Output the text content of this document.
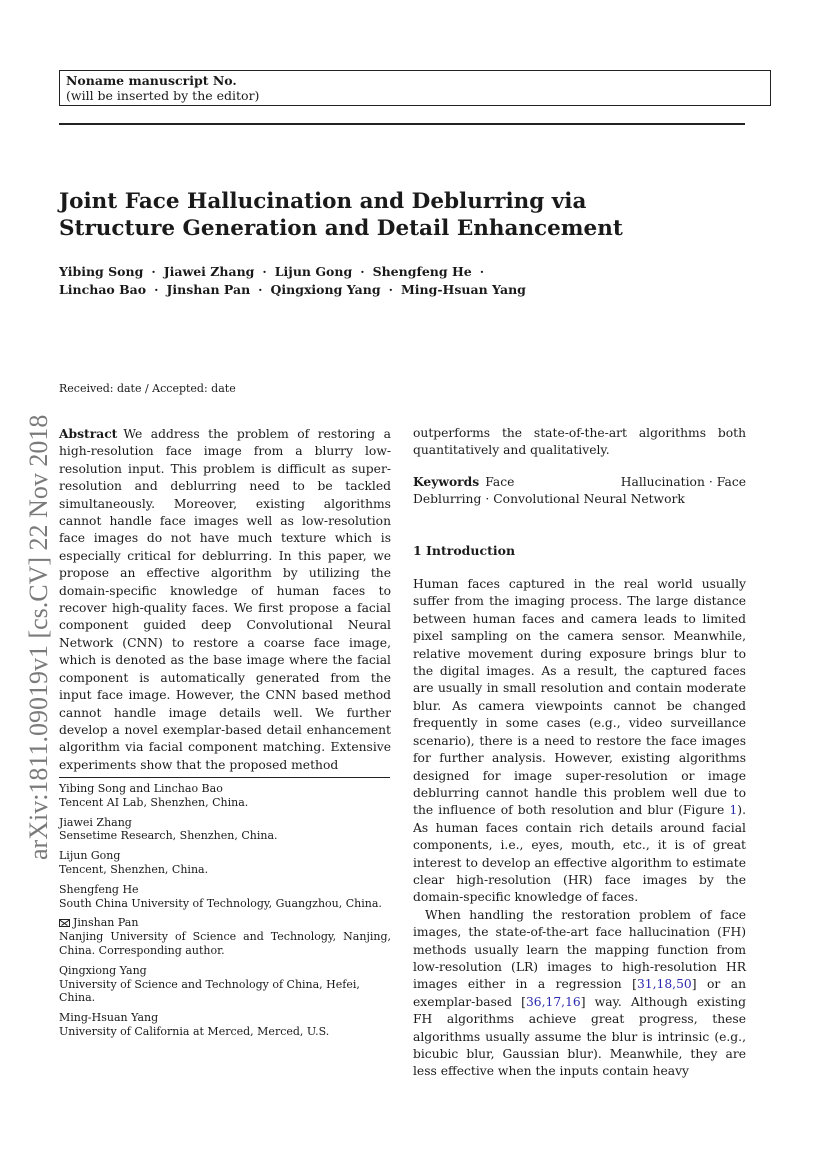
Noname manuscript No.
(will be inserted by the editor)
Joint Face Hallucination and Deblurring via
Structure Generation and Detail Enhancement
Yibing Song · Jiawei Zhang · Lijun Gong · Shengfeng He ·
Linchao Bao · Jinshan Pan · Qingxiong Yang · Ming-Hsuan Yang
arXiv:1811.09019v1 [cs.CV] 22 Nov 2018
Received: date / Accepted: date

Abstract We address the problem of restoring a high-resolution face image from a blurry low-resolution input. This problem is difficult as super-resolution and deblurring need to be tackled simultaneously. Moreover, existing algorithms cannot handle face images well as low-resolution face images do not have much texture which is especially critical for deblurring. In this paper, we propose an effective algorithm by utilizing the domain-specific knowledge of human faces to recover high-quality faces. We first propose a facial component guided deep Convolutional Neural Network (CNN) to restore a coarse face image, which is denoted as the base image where the facial component is automatically generated from the input face image. However, the CNN based method cannot handle image details well. We further develop a novel exemplar-based detail enhancement algorithm via facial component matching. Extensive experiments show that the proposed method

outperforms the state-of-the-art algorithms both quantitatively and qualitatively.

Keywords Face Hallucination · Face Deblurring · Convolutional Neural Network

1 Introduction

Human faces captured in the real world usually suffer from the imaging process. The large distance between human faces and camera leads to limited pixel sampling on the camera sensor. Meanwhile, relative movement during exposure brings blur to the digital images. As a result, the captured faces are usually in small resolution and contain moderate blur. As camera viewpoints cannot be changed frequently in some cases (e.g., video surveillance scenario), there is a need to restore the face images for further analysis. However, existing algorithms designed for image super-resolution or image deblurring cannot handle this problem well due to the influence of both resolution and blur (Figure 1). As human faces contain rich details around facial components, i.e., eyes, mouth, etc., it is of great interest to develop an effective algorithm to estimate clear high-resolution (HR) face images by the domain-specific knowledge of faces.

When handling the restoration problem of face images, the state-of-the-art face hallucination (FH) methods usually learn the mapping function from low-resolution (LR) images to high-resolution HR images either in a regression [31,18,50] or an exemplar-based [36,17,16] way. Although existing FH algorithms achieve great progress, these algorithms usually assume the blur is intrinsic (e.g., bicubic blur, Gaussian blur). Meanwhile, they are less effective when the inputs contain heavy

Yibing Song and Linchao Bao
Tencent AI Lab, Shenzhen, China.
Jiawei Zhang
Sensetime Research, Shenzhen, China.
Lijun Gong
Tencent, Shenzhen, China.
Shengfeng He
South China University of Technology, Guangzhou, China.
Jinshan Pan
Nanjing University of Science and Technology, Nanjing, China. Corresponding author.
Qingxiong Yang
University of Science and Technology of China, Hefei, China.
Ming-Hsuan Yang
University of California at Merced, Merced, U.S.
